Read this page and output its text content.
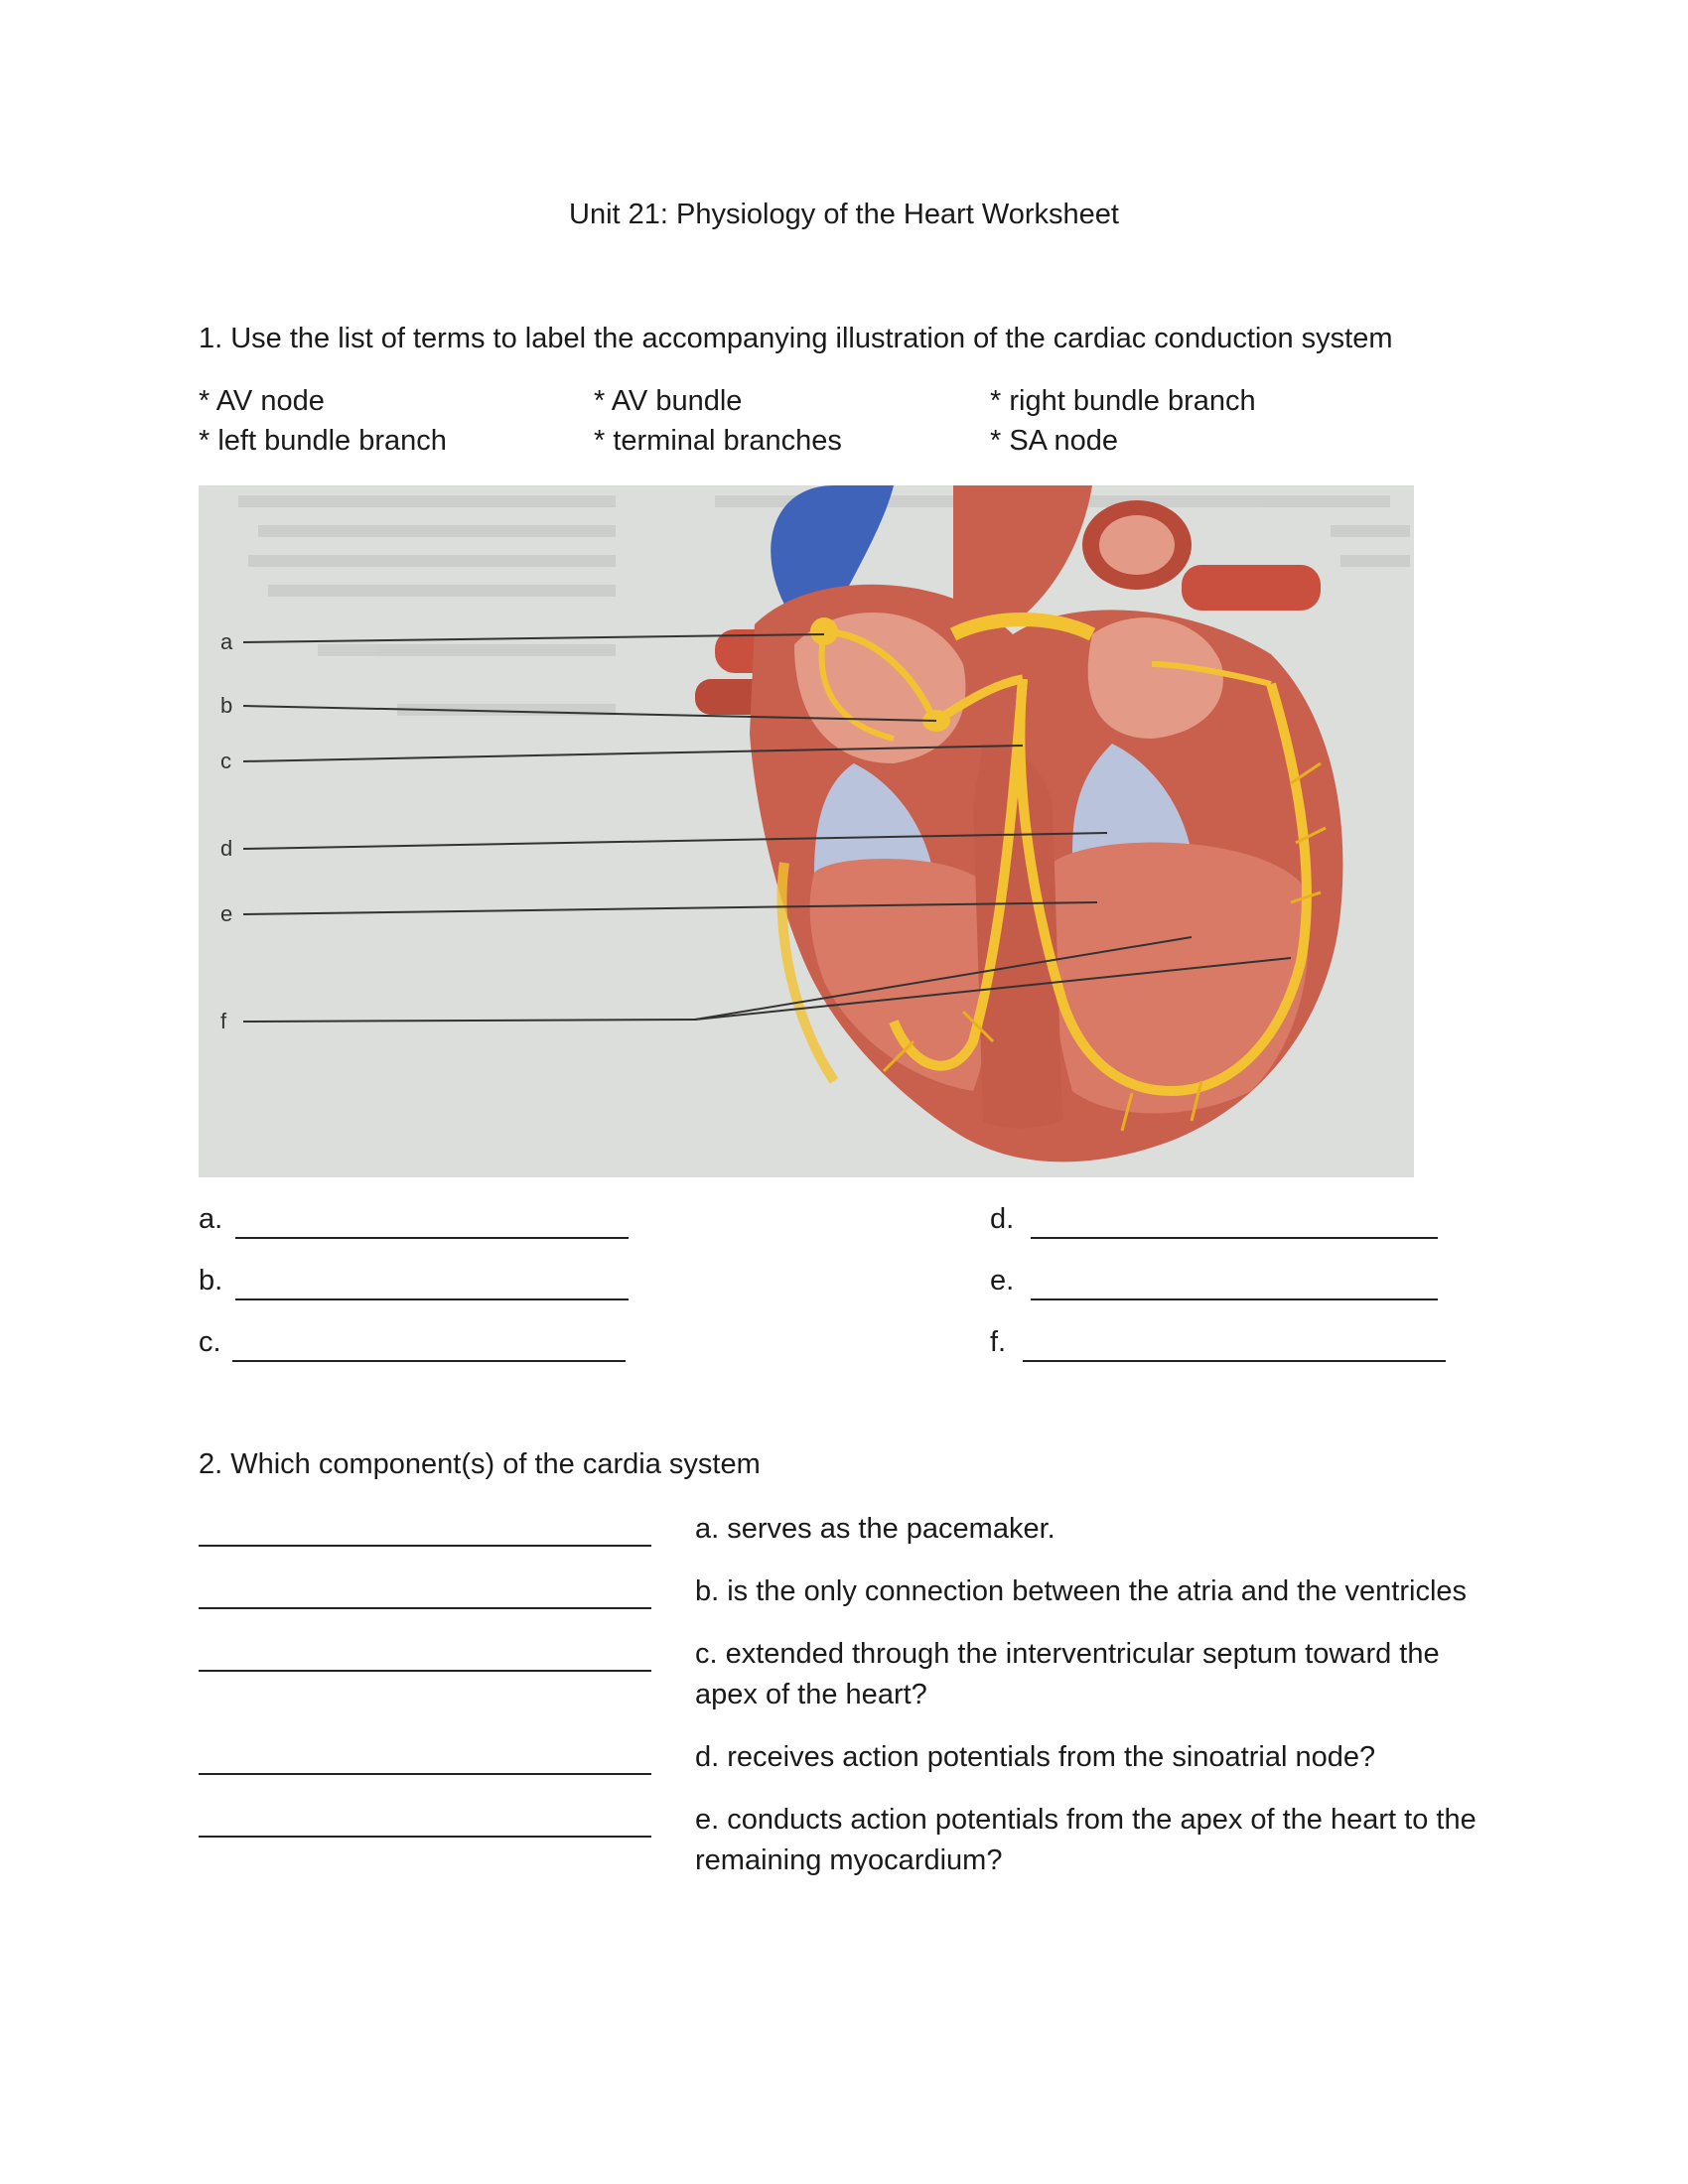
Unit 21: Physiology of the Heart Worksheet
1. Use the list of terms to label the accompanying illustration of the cardiac conduction system
* AV node	* AV bundle	* right bundle branch
* left bundle branch	* terminal branches	* SA node
a
b
c
d
e
f
a.
b.
c.
d.
e.
f.
2. Which component(s) of the cardia system
a. serves as the pacemaker.
b. is the only connection between the atria and the ventricles
c. extended through the interventricular septum toward the apex of the heart?
d. receives action potentials from the sinoatrial node?
e. conducts action potentials from the apex of the heart to the remaining myocardium?
